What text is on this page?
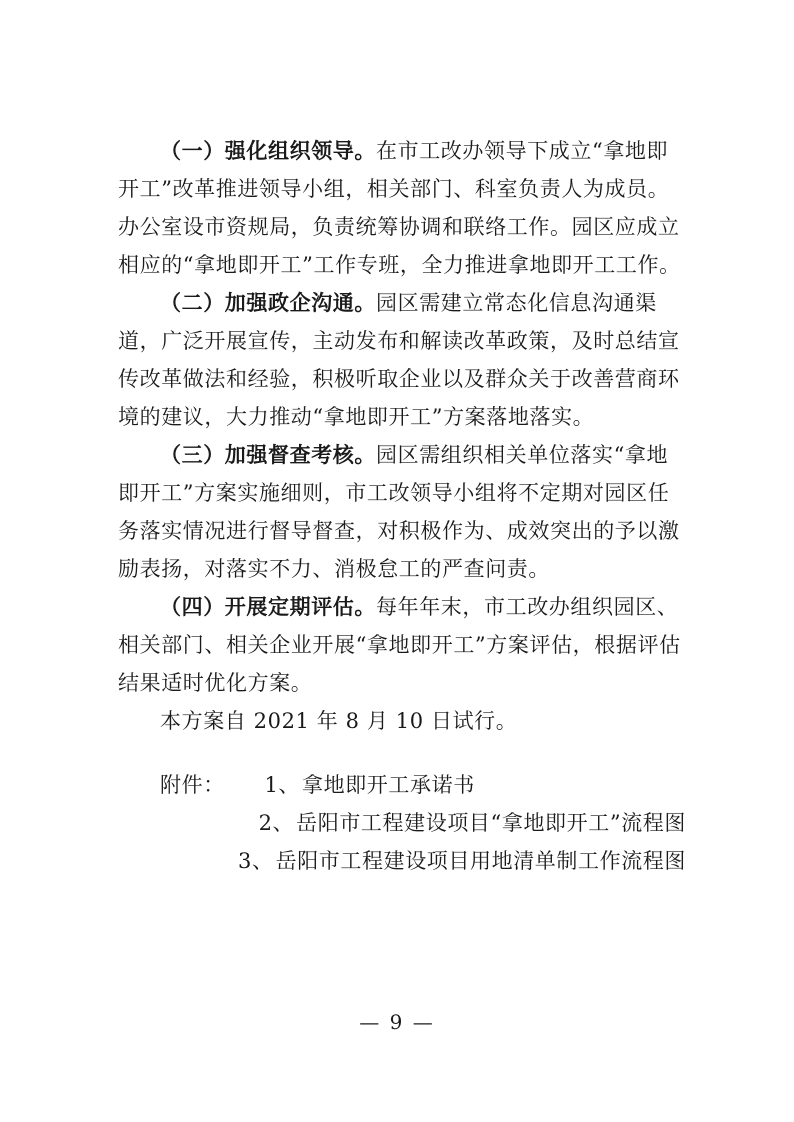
（一）强化组织领导。在市工改办领导下成立“拿地即开工”改革推进领导小组，相关部门、科室负责人为成员。办公室设市资规局，负责统筹协调和联络工作。园区应成立相应的“拿地即开工”工作专班，全力推进拿地即开工工作。

（二）加强政企沟通。园区需建立常态化信息沟通渠道，广泛开展宣传，主动发布和解读改革政策，及时总结宣传改革做法和经验，积极听取企业以及群众关于改善营商环境的建议，大力推动“拿地即开工”方案落地落实。

（三）加强督查考核。园区需组织相关单位落实“拿地即开工”方案实施细则，市工改领导小组将不定期对园区任务落实情况进行督导督查，对积极作为、成效突出的予以激励表扬，对落实不力、消极怠工的严查问责。

（四）开展定期评估。每年年末，市工改办组织园区、相关部门、相关企业开展“拿地即开工”方案评估，根据评估结果适时优化方案。

本方案自 2021 年 8 月 10 日试行。

附件：	1、 拿地即开工承诺书
2、 岳阳市工程建设项目“拿地即开工”流程图
3、 岳阳市工程建设项目用地清单制工作流程图
— 9 —
